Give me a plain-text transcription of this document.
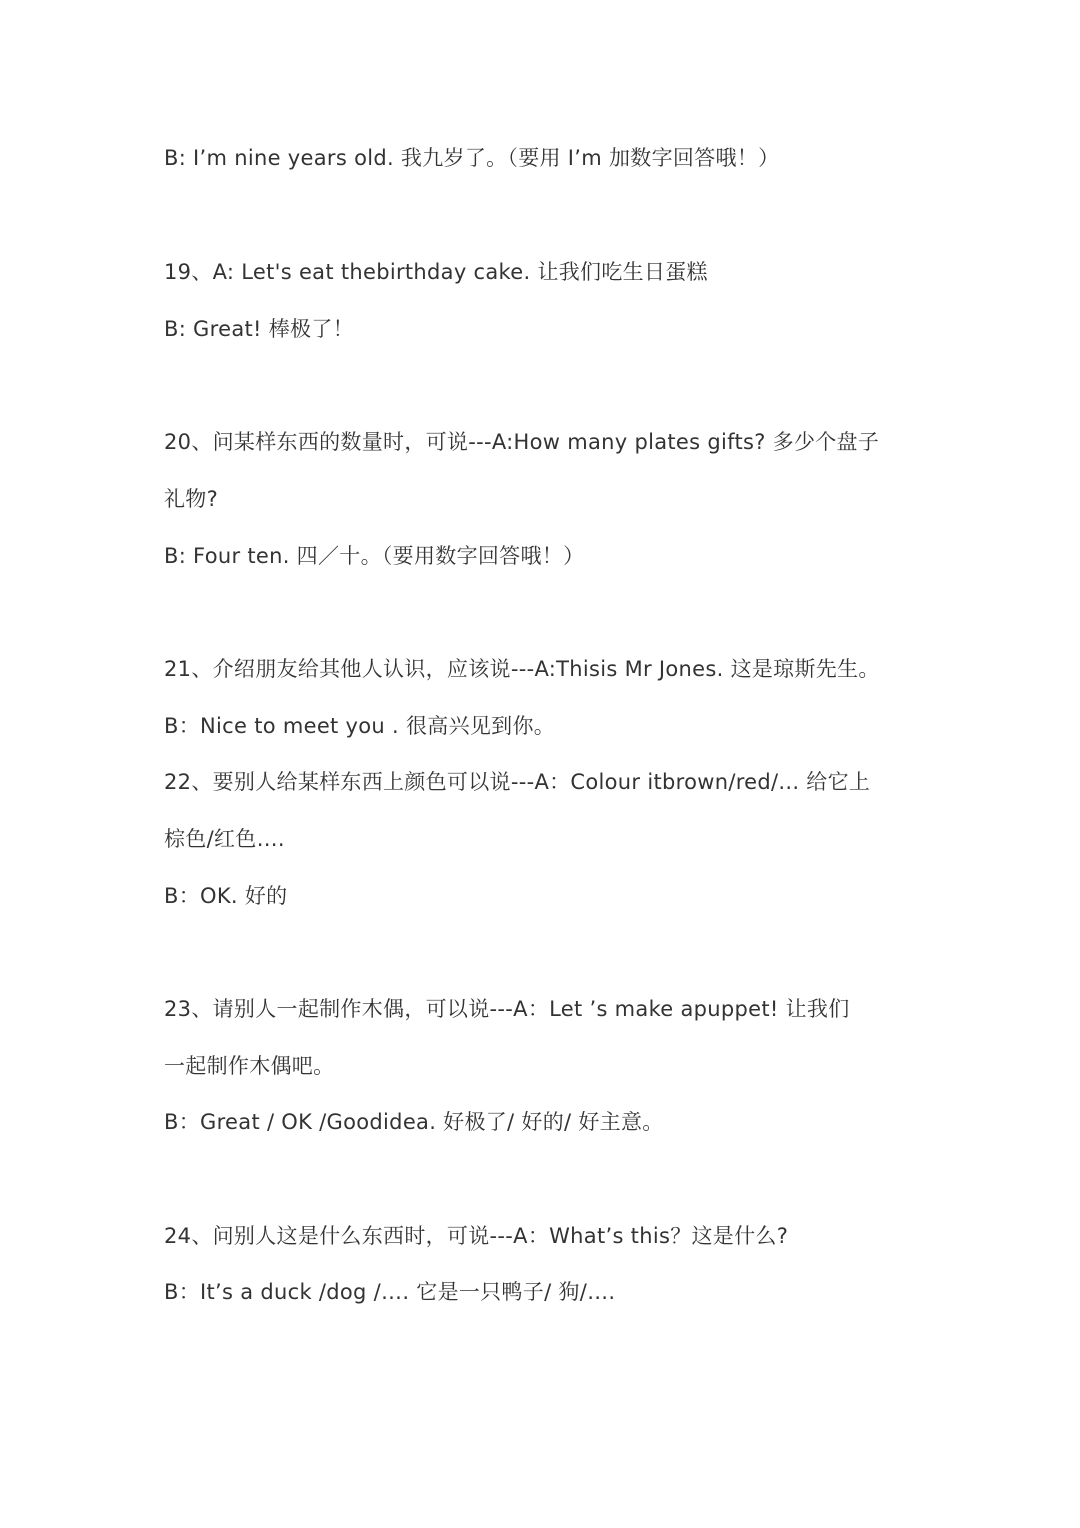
B: I’m nine years old. 我九岁了。（要用 I’m 加数字回答哦！）
19、A: Let's eat thebirthday cake. 让我们吃生日蛋糕
B: Great! 棒极了！
20、问某样东西的数量时，可说---A:How many plates gifts? 多少个盘子
礼物?
B: Four ten. 四／十。（要用数字回答哦！）
21、介绍朋友给其他人认识，应该说---A:Thisis Mr Jones. 这是琼斯先生。
B：Nice to meet you . 很高兴见到你。
22、要别人给某样东西上颜色可以说---A：Colour itbrown/red/... 给它上
棕色/红色….
B：OK. 好的
23、请别人一起制作木偶，可以说---A：Let ’s make apuppet! 让我们
一起制作木偶吧。
B：Great / OK /Goodidea. 好极了/ 好的/ 好主意。
24、问别人这是什么东西时，可说---A：What’s this？这是什么?
B：It’s a duck /dog /…. 它是一只鸭子/ 狗/….
